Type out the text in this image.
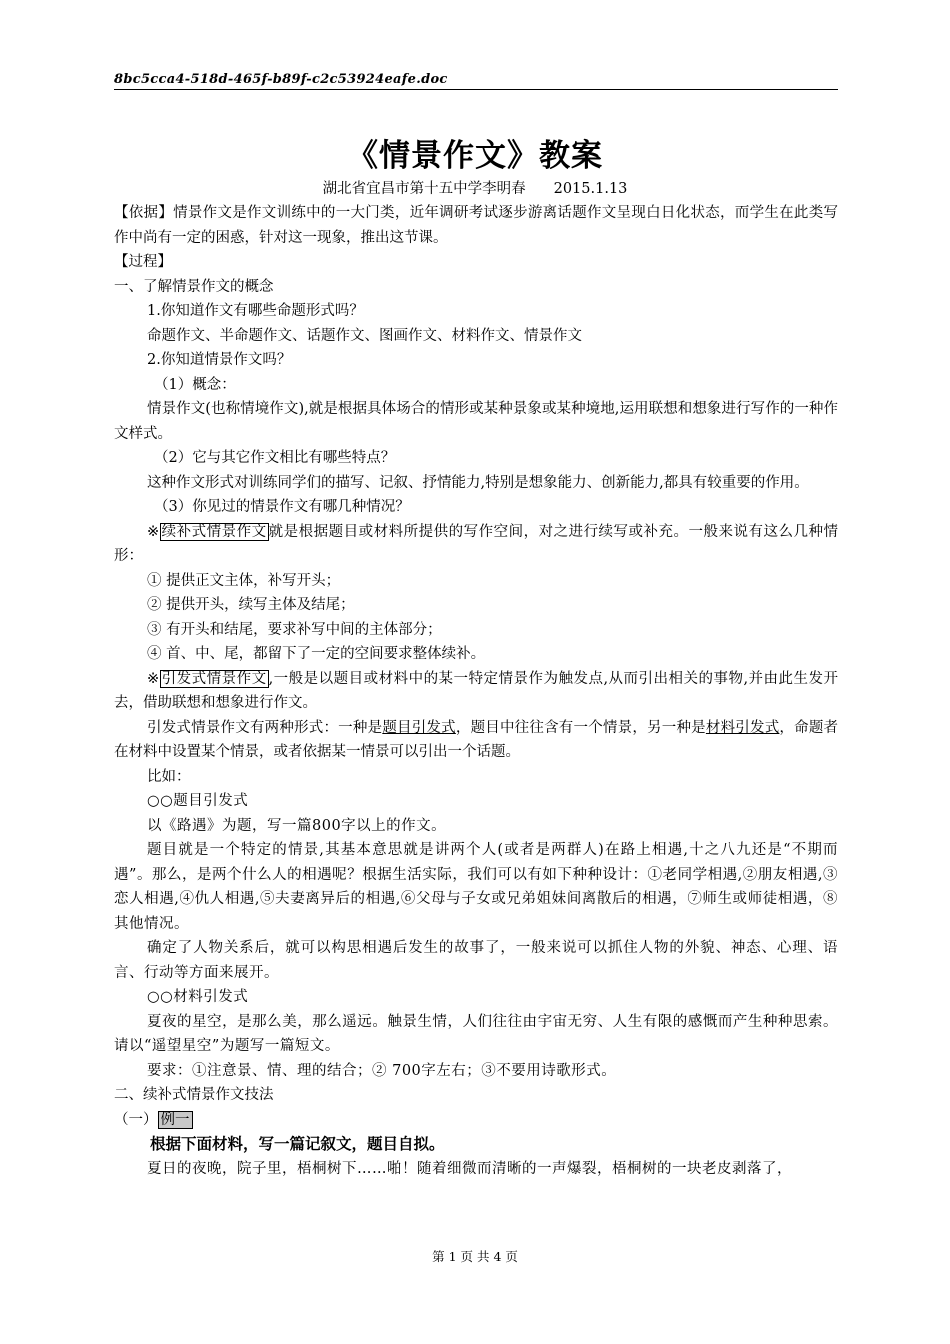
8bc5cca4-518d-465f-b89f-c2c53924eafe.doc
《情景作文》教案
湖北省宜昌市第十五中学李明春 2015.1.13

【依据】情景作文是作文训练中的一大门类，近年调研考试逐步游离话题作文呈现白日化状态，而学生在此类写作中尚有一定的困惑，针对这一现象，推出这节课。

【过程】

一、了解情景作文的概念

1.你知道作文有哪些命题形式吗？

命题作文、半命题作文、话题作文、图画作文、材料作文、情景作文

2.你知道情景作文吗？

（1）概念：

情景作文(也称情境作文),就是根据具体场合的情形或某种景象或某种境地,运用联想和想象进行写作的一种作文样式。

（2）它与其它作文相比有哪些特点？

这种作文形式对训练同学们的描写、记叙、抒情能力,特别是想象能力、创新能力,都具有较重要的作用。

（3）你见过的情景作文有哪几种情况？

※ 续补式情景作文 就是根据题目或材料所提供的写作空间，对之进行续写或补充。一般来说有这么几种情形：

① 提供正文主体，补写开头；

② 提供开头，续写主体及结尾；

③ 有开头和结尾，要求补写中间的主体部分；

④ 首、中、尾，都留下了一定的空间要求整体续补。

※ 引发式情景作文 ,一般是以题目或材料中的某一特定情景作为触发点,从而引出相关的事物,并由此生发开去，借助联想和想象进行作文。

引发式情景作文有两种形式：一种是题目引发式，题目中往往含有一个情景，另一种是材料引发式，命题者在材料中设置某个情景，或者依据某一情景可以引出一个话题。

比如：

○○题目引发式

以《路遇》为题，写一篇800字以上的作文。

题目就是一个特定的情景,其基本意思就是讲两个人(或者是两群人)在路上相遇,十之八九还是“不期而遇”。那么，是两个什么人的相遇呢？根据生活实际，我们可以有如下种种设计：①老同学相遇,②朋友相遇,③恋人相遇,④仇人相遇,⑤夫妻离异后的相遇,⑥父母与子女或兄弟姐妹间离散后的相遇，⑦师生或师徒相遇，⑧其他情况。

确定了人物关系后，就可以构思相遇后发生的故事了，一般来说可以抓住人物的外貌、神态、心理、语言、行动等方面来展开。

○○材料引发式

夏夜的星空，是那么美，那么遥远。触景生情，人们往往由宇宙无穷、人生有限的感慨而产生种种思索。请以“遥望星空”为题写一篇短文。

要求：①注意景、情、理的结合；② 700字左右；③不要用诗歌形式。

二、续补式情景作文技法

（一） 例一

根据下面材料，写一篇记叙文，题目自拟。

夏日的夜晚，院子里，梧桐树下……啪！随着细微而清晰的一声爆裂，梧桐树的一块老皮剥落了，

第 1 页 共 4 页
